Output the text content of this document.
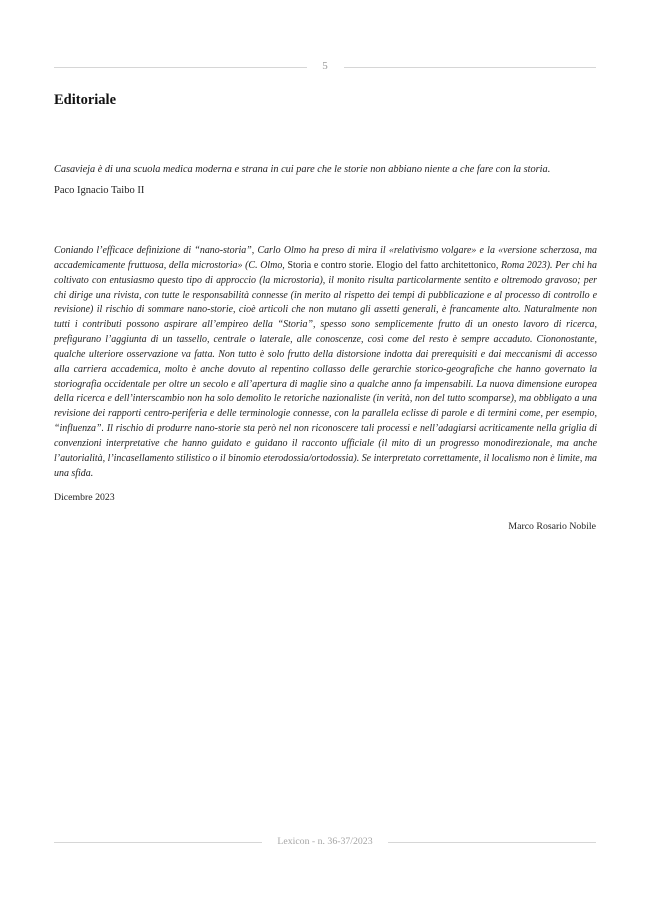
5
Editoriale
Casavieja è di una scuola medica moderna e strana in cui pare che le storie non abbiano niente a che fare con la storia.
Paco Ignacio Taibo II

Coniando l’efficace definizione di “nano-storia”, Carlo Olmo ha preso di mira il «relativismo volgare» e la «versione scherzosa, ma accademicamente fruttuosa, della microstoria» (C. Olmo, Storia e contro storie. Elogio del fatto architettonico, Roma 2023). Per chi ha coltivato con entusiasmo questo tipo di approccio (la microstoria), il monito risulta particolarmente sentito e oltremodo gravoso; per chi dirige una rivista, con tutte le responsabilità connesse (in merito al rispetto dei tempi di pubblicazione e al processo di controllo e revisione) il rischio di sommare nano-storie, cioè articoli che non mutano gli assetti generali, è francamente alto. Naturalmente non tutti i contributi possono aspirare all’empireo della “Storia”, spesso sono semplicemente frutto di un onesto lavoro di ricerca, prefigurano l’aggiunta di un tassello, centrale o laterale, alle conoscenze, così come del resto è sempre accaduto. Ciononostante, qualche ulteriore osservazione va fatta. Non tutto è solo frutto della distorsione indotta dai prerequisiti e dai meccanismi di accesso alla carriera accademica, molto è anche dovuto al repentino collasso delle gerarchie storico-geografiche che hanno governato la storiografia occidentale per oltre un secolo e all’apertura di maglie sino a qualche anno fa impensabili. La nuova dimensione europea della ricerca e dell’interscambio non ha solo demolito le retoriche nazionaliste (in verità, non del tutto scomparse), ma obbligato a una revisione dei rapporti centro-periferia e delle terminologie connesse, con la parallela eclisse di parole e di termini come, per esempio, “influenza”. Il rischio di produrre nano-storie sta però nel non riconoscere tali processi e nell’adagiarsi acriticamente nella griglia di convenzioni interpretative che hanno guidato e guidano il racconto ufficiale (il mito di un progresso monodirezionale, ma anche l’autorialità, l’incasellamento stilistico o il binomio eterodossia/ortodossia). Se interpretato correttamente, il localismo non è limite, ma una sfida.

Dicembre 2023
Marco Rosario Nobile
Lexicon - n. 36-37/2023
